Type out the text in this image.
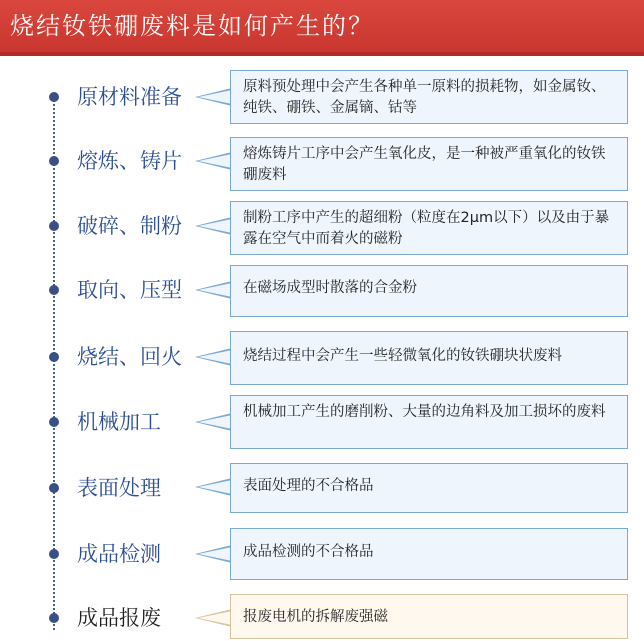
烧结钕铁硼废料是如何产生的？
原材料准备	原料预处理中会产生各种单一原料的损耗物，如金属钕、纯铁、硼铁、金属镝、钴等
熔炼、铸片	熔炼铸片工序中会产生氧化皮，是一种被严重氧化的钕铁硼废料
破碎、制粉	制粉工序中产生的超细粉（粒度在2μm以下）以及由于暴露在空气中而着火的磁粉
取向、压型	在磁场成型时散落的合金粉
烧结、回火	烧结过程中会产生一些轻微氧化的钕铁硼块状废料
机械加工	机械加工产生的磨削粉、大量的边角料及加工损坏的废料
表面处理	表面处理的不合格品
成品检测	成品检测的不合格品
成品报废	报废电机的拆解废强磁
